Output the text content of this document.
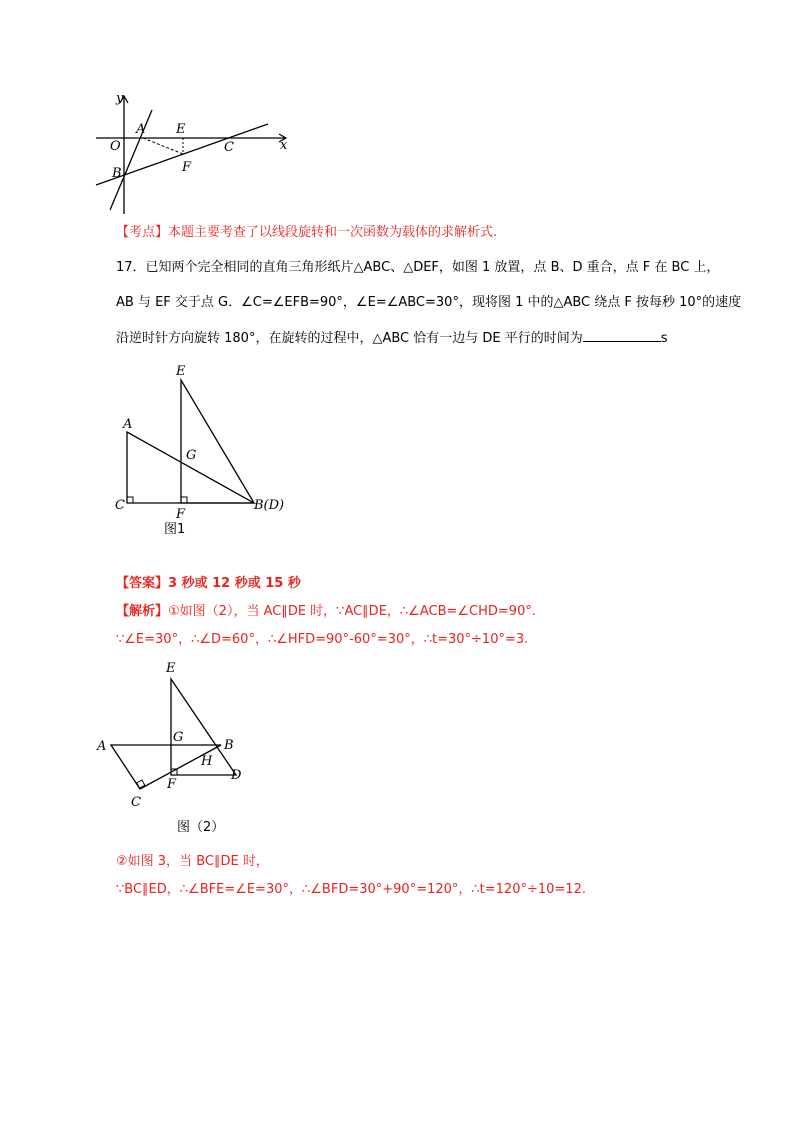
y
x
O
A E
B	F
C
【考点】本题主要考查了以线段旋转和一次函数为载体的求解析式.
17．已知两个完全相同的直角三角形纸片△ABC、△DEF，如图 1 放置，点 B、D 重合，点 F 在 BC 上，
AB 与 EF 交于点 G．∠C=∠EFB=90°，∠E=∠ABC=30°，现将图 1 中的△ABC 绕点 F 按每秒 10°的速度
沿逆时针方向旋转 180°，在旋转的过程中，△ABC 恰有一边与 DE 平行的时间为	s
E
A
G
C
F
B(D)
图1
【答案】3 秒或 12 秒或 15 秒
【解析】①如图（2），当 AC∥DE 时，∵AC∥DE，∴∠ACB=∠CHD=90°.
∵∠E=30°，∴∠D=60°，∴∠HFD=90°-60°=30°，∴t=30°÷10°=3.
E
A
G
B
H
F
D
C
图（2）
②如图 3，当 BC∥DE 时，
∵BC∥ED，∴∠BFE=∠E=30°，∴∠BFD=30°+90°=120°，∴t=120°÷10=12.
